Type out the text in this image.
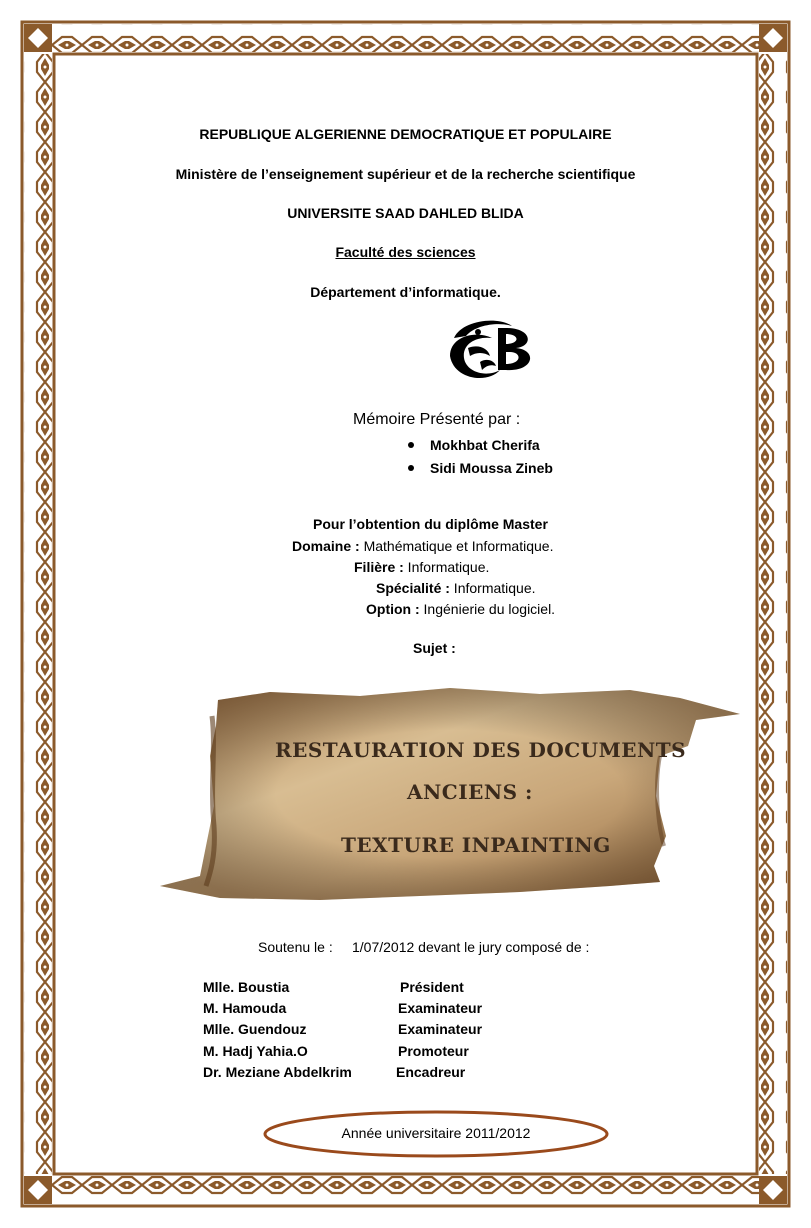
REPUBLIQUE ALGERIENNE DEMOCRATIQUE ET POPULAIRE
Ministère de l’enseignement supérieur et de la recherche scientifique
UNIVERSITE SAAD DAHLED BLIDA
Faculté des sciences
Département d’informatique.
Mémoire Présenté par :
Mokhbat Cherifa
Sidi Moussa Zineb
Pour l’obtention du diplôme Master
Domaine : Mathématique et Informatique.
Filière : Informatique.
Spécialité : Informatique.
Option : Ingénierie du logiciel.
Sujet :
RESTAURATION DES DOCUMENTS
ANCIENS :
TEXTURE INPAINTING
Soutenu le : 1/07/2012 devant le jury composé de :
Mlle. Boustia	Président
M. Hamouda	Examinateur
Mlle. Guendouz	Examinateur
M. Hadj Yahia.O	Promoteur
Dr. Meziane Abdelkrim	Encadreur
Année universitaire 2011/2012
